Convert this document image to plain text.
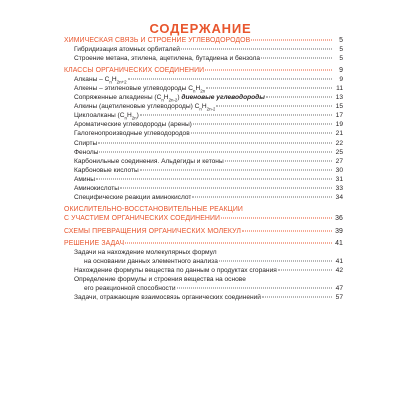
СОДЕРЖАНИЕ
ХИМИЧЕСКАЯ СВЯЗЬ И СТРОЕНИЕ УГЛЕВОДОРОДОВ	5
Гибридизация атомных орбиталей	5
Строение метана, этилена, ацетилена, бутадиена и бензола	5
КЛАССЫ ОРГАНИЧЕСКИХ СОЕДИНЕНИЙ	9
Алканы – $C_nH_{2n+2}$	9
Алкены – этиленовые углеводороды $C_nH_{2n}$	11
Сопряженные алкадиены $(C_nH_{2n-2})$ диеновые углеводороды	13
Алкины (ацетиленовые углеводороды) $C_nH_{2n-2}$	15
Циклоалканы $(C_nH_{2n})$	17
Ароматические углеводороды (арены)	19
Галогенопроизводные углеводородов	21
Спирты	22
Фенолы	25
Карбонильные соединения. Альдегиды и кетоны	27
Карбоновые кислоты	30
Амины	31
Аминокислоты	33
Специфические реакции аминокислот	34
ОКИСЛИТЕЛЬНО-ВОССТАНОВИТЕЛЬНЫЕ РЕАКЦИИ
С УЧАСТИЕМ ОРГАНИЧЕСКИХ СОЕДИНЕНИЙ	36
СХЕМЫ ПРЕВРАЩЕНИЯ ОРГАНИЧЕСКИХ МОЛЕКУЛ	39
РЕШЕНИЕ ЗАДАЧ	41
Задачи на нахождение молекулярных формул
на основании данных элементного анализа	41
Нахождение формулы вещества по данным о продуктах сгорания	42
Определение формулы и строения вещества на основе
его реакционной способности	47
Задачи, отражающие взаимосвязь органических соединений	57
